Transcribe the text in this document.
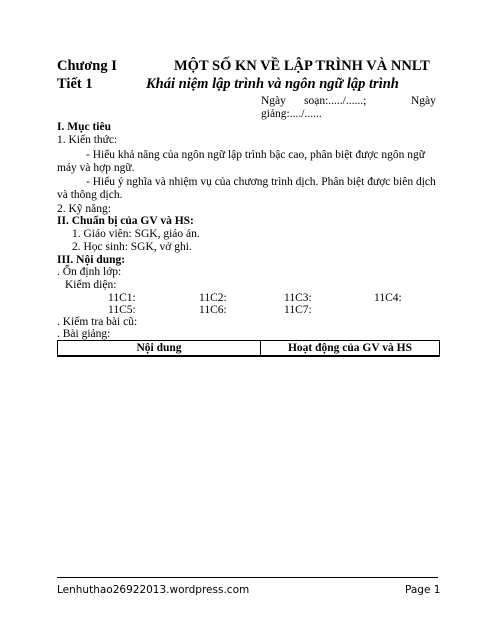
Chương I	MỘT SỐ KN VỀ LẬP TRÌNH VÀ NNLT
Tiết 1	Khái niệm lập trình và ngôn ngữ lập trình
Ngày soạn:...../......;	Ngày
giảng:..../......
I. Mục tiêu
1. Kiến thức:
- Hiểu khả năng của ngôn ngữ lập trình bậc cao, phân biệt được ngôn ngữ
máy và hợp ngữ.
- Hiểu ý nghĩa và nhiệm vụ của chương trình dịch. Phân biệt được biên dịch
và thông dịch.
2. Kỹ năng:
II. Chuẩn bị của GV và HS:
1. Giáo viên: SGK, giáo án.
2. Học sinh: SGK, vở ghi.
III. Nội dung:
. Ổn định lớp:
Kiểm diện:
11C1:	11C2:	11C3:	11C4:
11C5:	11C6:	11C7:
. Kiểm tra bài cũ:
. Bài giảng:
Nội dung	Hoạt động của GV và HS
Lenhuthao26922013.wordpress.com	Page 1
